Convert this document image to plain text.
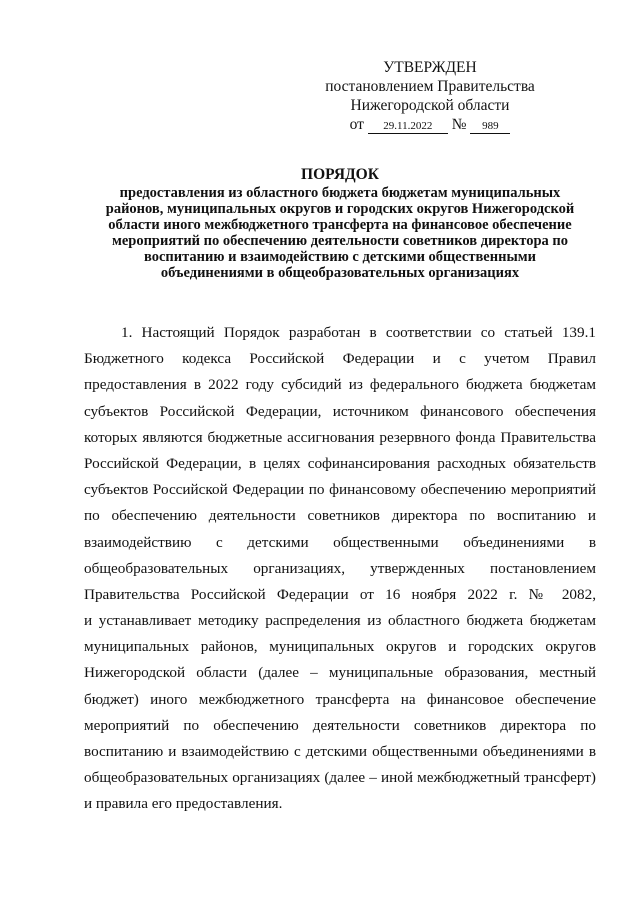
УТВЕРЖДЕН
постановлением Правительства
Нижегородской области
от 29.11.2022 № 989
ПОРЯДОК
предоставления из областного бюджета бюджетам муниципальных
районов, муниципальных округов и городских округов Нижегородской
области иного межбюджетного трансферта на финансовое обеспечение
мероприятий по обеспечению деятельности советников директора по
воспитанию и взаимодействию с детскими общественными
объединениями в общеобразовательных организациях
1. Настоящий Порядок разработан в соответствии со статьей 139.1
Бюджетного кодекса Российской Федерации и с учетом Правил
предоставления в 2022 году субсидий из федерального бюджета бюджетам
субъектов Российской Федерации, источником финансового обеспечения
которых являются бюджетные ассигнования резервного фонда Правительства
Российской Федерации, в целях софинансирования расходных обязательств
субъектов Российской Федерации по финансовому обеспечению мероприятий
по обеспечению деятельности советников директора по воспитанию и
взаимодействию с детскими общественными объединениями в
общеобразовательных организациях, утвержденных постановлением
Правительства Российской Федерации от 16 ноября 2022 г. № 2082,
и устанавливает методику распределения из областного бюджета бюджетам
муниципальных районов, муниципальных округов и городских округов
Нижегородской области (далее – муниципальные образования, местный
бюджет) иного межбюджетного трансферта на финансовое обеспечение
мероприятий по обеспечению деятельности советников директора по
воспитанию и взаимодействию с детскими общественными объединениями в
общеобразовательных организациях (далее – иной межбюджетный трансферт)
и правила его предоставления.
